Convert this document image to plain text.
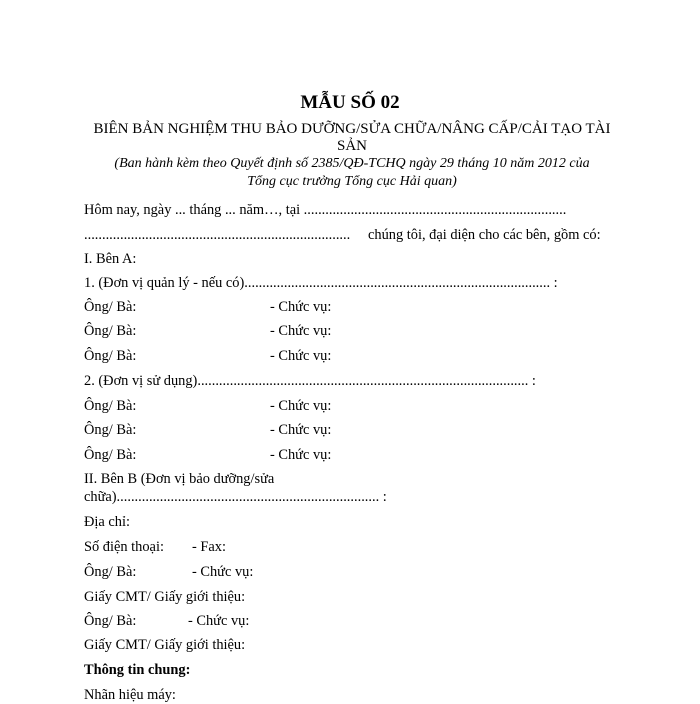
MẪU SỐ 02
BIÊN BẢN NGHIỆM THU BẢO DƯỠNG/SỬA CHỮA/NÂNG CẤP/CẢI TẠO TÀI
SẢN
(Ban hành kèm theo Quyết định số 2385/QĐ-TCHQ ngày 29 tháng 10 năm 2012 của
Tổng cục trưởng Tổng cục Hải quan)
Hôm nay, ngày ... tháng ... năm…, tại .........................................................................
.......................................................................... chúng tôi, đại diện cho các bên, gồm có:
I. Bên A:
1. (Đơn vị quản lý - nếu có)..................................................................................... :
Ông/ Bà:	- Chức vụ:
Ông/ Bà:	- Chức vụ:
Ông/ Bà:	- Chức vụ:
2. (Đơn vị sử dụng)............................................................................................ :
Ông/ Bà:	- Chức vụ:
Ông/ Bà:	- Chức vụ:
Ông/ Bà:	- Chức vụ:
II. Bên B (Đơn vị bảo dưỡng/sửa
chữa)......................................................................... :
Địa chỉ:
Số điện thoại: - Fax:
Ông/ Bà:	- Chức vụ:
Giấy CMT/ Giấy giới thiệu:
Ông/ Bà:	- Chức vụ:
Giấy CMT/ Giấy giới thiệu:
Thông tin chung:
Nhãn hiệu máy:
